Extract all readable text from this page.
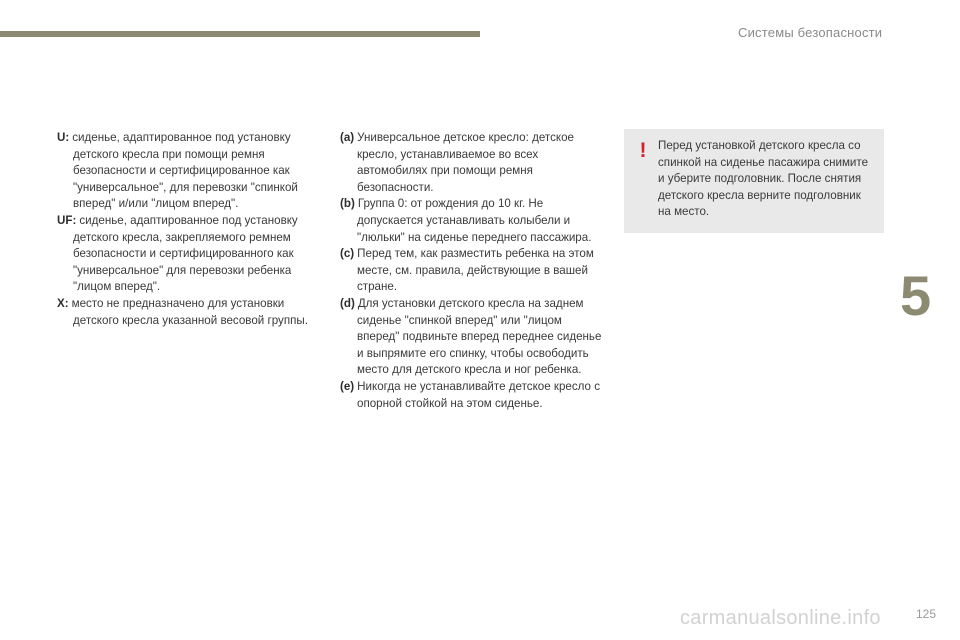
Системы безопасности

U: сиденье, адаптированное под установку детского кресла при помощи ремня безопасности и сертифицированное как "универсальное", для перевозки "спинкой вперед" и/или "лицом вперед".

UF: сиденье, адаптированное под установку детского кресла, закрепляемого ремнем безопасности и сертифицированного как "универсальное" для перевозки ребенка "лицом вперед".

X: место не предназначено для установки детского кресла указанной весовой группы.

(a) Универсальное детское кресло: детское кресло, устанавливаемое во всех автомобилях при помощи ремня безопасности.

(b) Группа 0: от рождения до 10 кг. Не допускается устанавливать колыбели и "люльки" на сиденье переднего пассажира.

(c) Перед тем, как разместить ребенка на этом месте, см. правила, действующие в вашей стране.

(d) Для установки детского кресла на заднем сиденье "спинкой вперед" или "лицом вперед" подвиньте вперед переднее сиденье и выпрямите его спинку, чтобы освободить место для детского кресла и ног ребенка.

(e) Никогда не устанавливайте детское кресло с опорной стойкой на этом сиденье.

! Перед установкой детского кресла со спинкой на сиденье пасажира снимите и уберите подголовник. После снятия детского кресла верните подголовник на место.
5
carmanualsonline.info	125
